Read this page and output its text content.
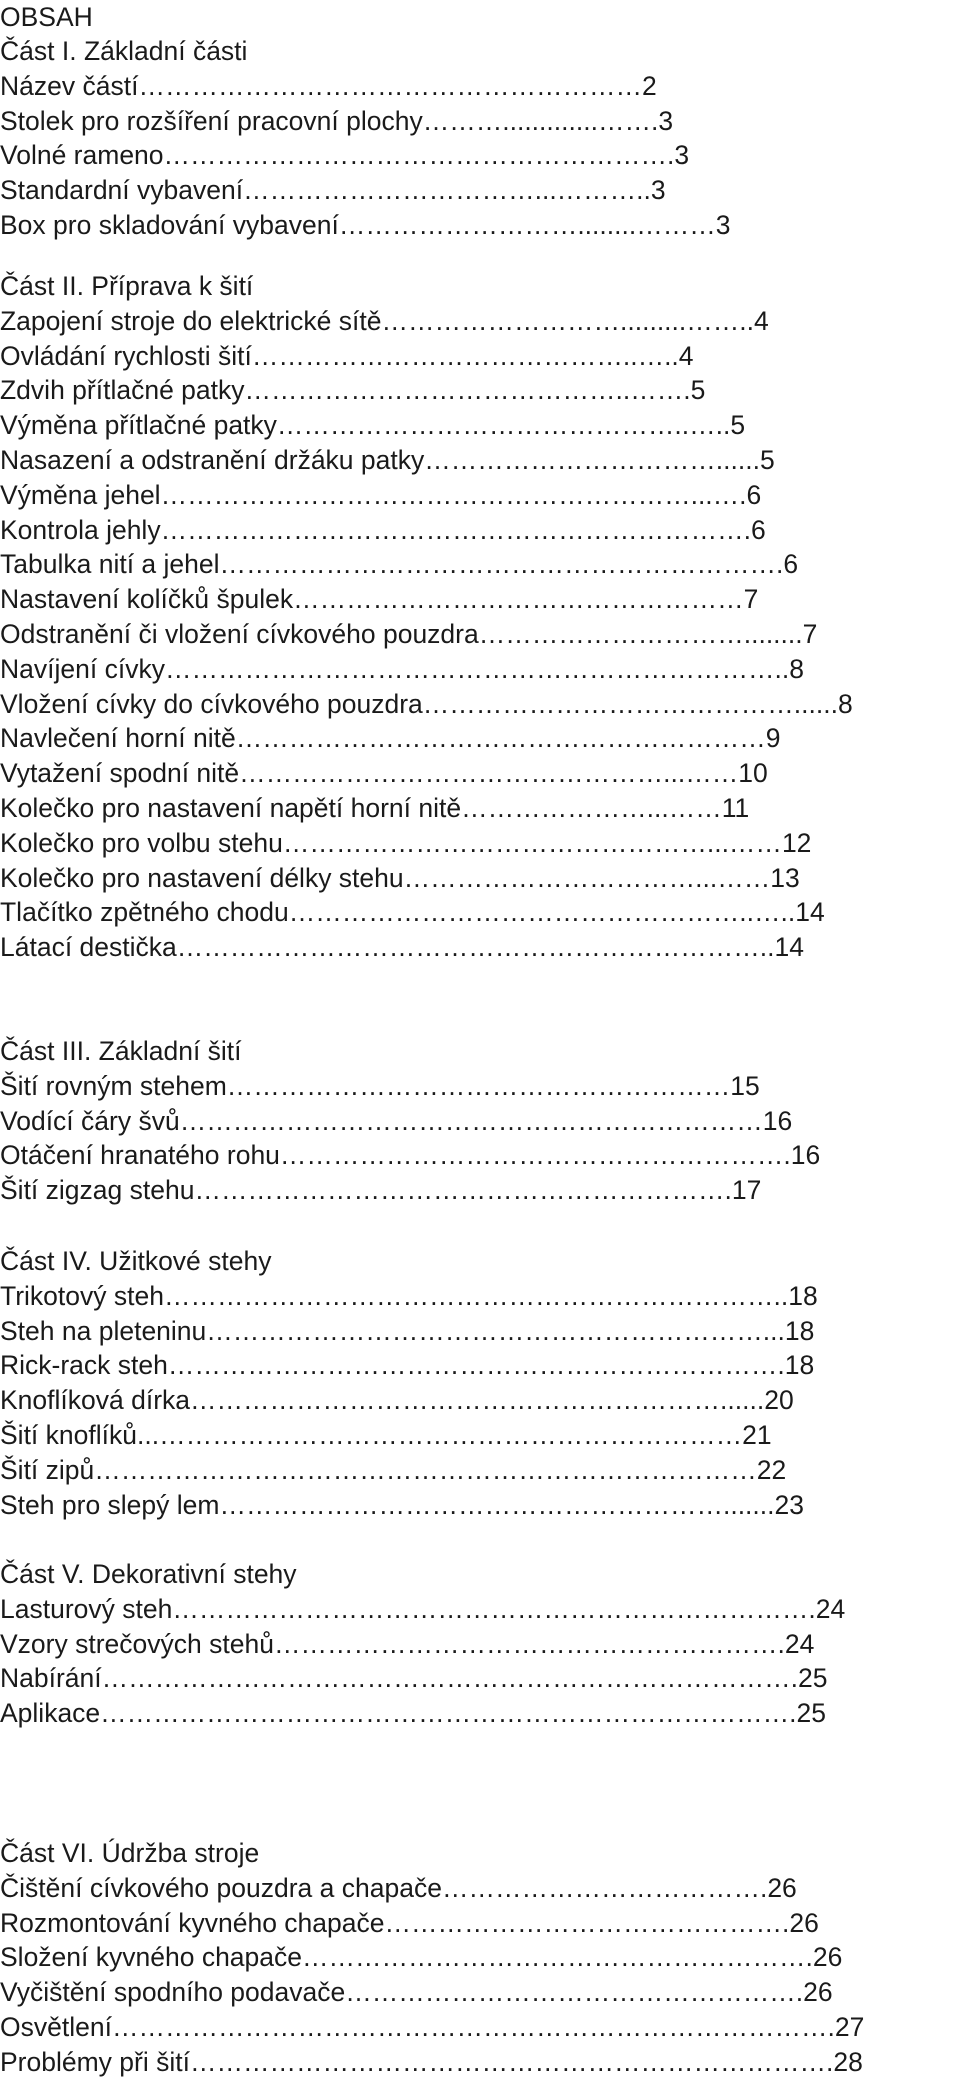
OBSAH
Část I. Základní části
Název částí ………………………………………………… 2
Stolek pro rozšíření pracovní plochy ……….............…… .3
Volné rameno …………………………………………………. 3
Standardní vybavení ……………………………...……….. 3
Box pro skladování vybavení ………………………........……… 3
Část II. Příprava k šití
Zapojení stroje do elektrické sítě ……………………….........…….. 4
Ovládání rychlosti šití ……………………………………..….. 4
Zdvih přítlačné patky ……………………………………..…… .5
Výměna přítlačné patky ………………………………………..…. .5
Nasazení a odstranění držáku patky ……………………………...... 5
Výměna jehel ……………………………………………………...…. 6
Kontrola jehly …………………………………………………………. 6
Tabulka nití a jehel ………………………………………………………. 6
Nastavení kolíčků špulek …………………………………………… 7
Odstranění či vložení cívkového pouzdra …………………………........ 7
Navíjení cívky ……………………………………………………………. .8
Vložení cívky do cívkového pouzdra ……………………………………...... 8
Navlečení horní nitě …………………………………………………… 9
Vytažení spodní nitě …………………………………………...…… 10
Kolečko pro nastavení napětí horní nitě …………………...…… 11
Kolečko pro volbu stehu …………………………………………...…… 12
Kolečko pro nastavení délky stehu ……………………………...…… 13
Tlačítko zpětného chodu ……………………………………………..….. 14
Látací destička ………………………………………………………….. 14
Část III. Základní šití
Šití rovným stehem ………………………………………………… 15
Vodící čáry švů ………………………………………………………… 16
Otáčení hranatého rohu …………………………………………………. 16
Šití zigzag stehu ……………………………………………………. 17
Část IV. Užitkové stehy
Trikotový steh …………………………………………………………….. 18
Steh na pleteninu ………………………………………………………... 18
Rick-rack steh ……………………………………………………………. 18
Knoflíková dírka ……………………………………………………...... 20
Šití knoflíků ...………………………………………………………… 21
Šití zipů ………………………………………………………………… 22
Steh pro slepý lem …………………………………………………....... 23
Část V. Dekorativní stehy
Lasturový steh ………………………………………………………………. 24
Vzory strečových stehů …………………………………………………. 24
Nabírání ……………………………………………………………………. 25
Aplikace ……………………………………………………………………. 25
Část VI. Údržba stroje
Čištění cívkového pouzdra a chapače ………………………………. 26
Rozmontování kyvného chapače ………………………………………. 26
Složení kyvného chapače …………………………………………………. 26
Vyčištění spodního podavače ……………………………………………. 26
Osvětlení ………………………………………………………………………. 27
Problémy při šití ………………………………………………………………. 28
